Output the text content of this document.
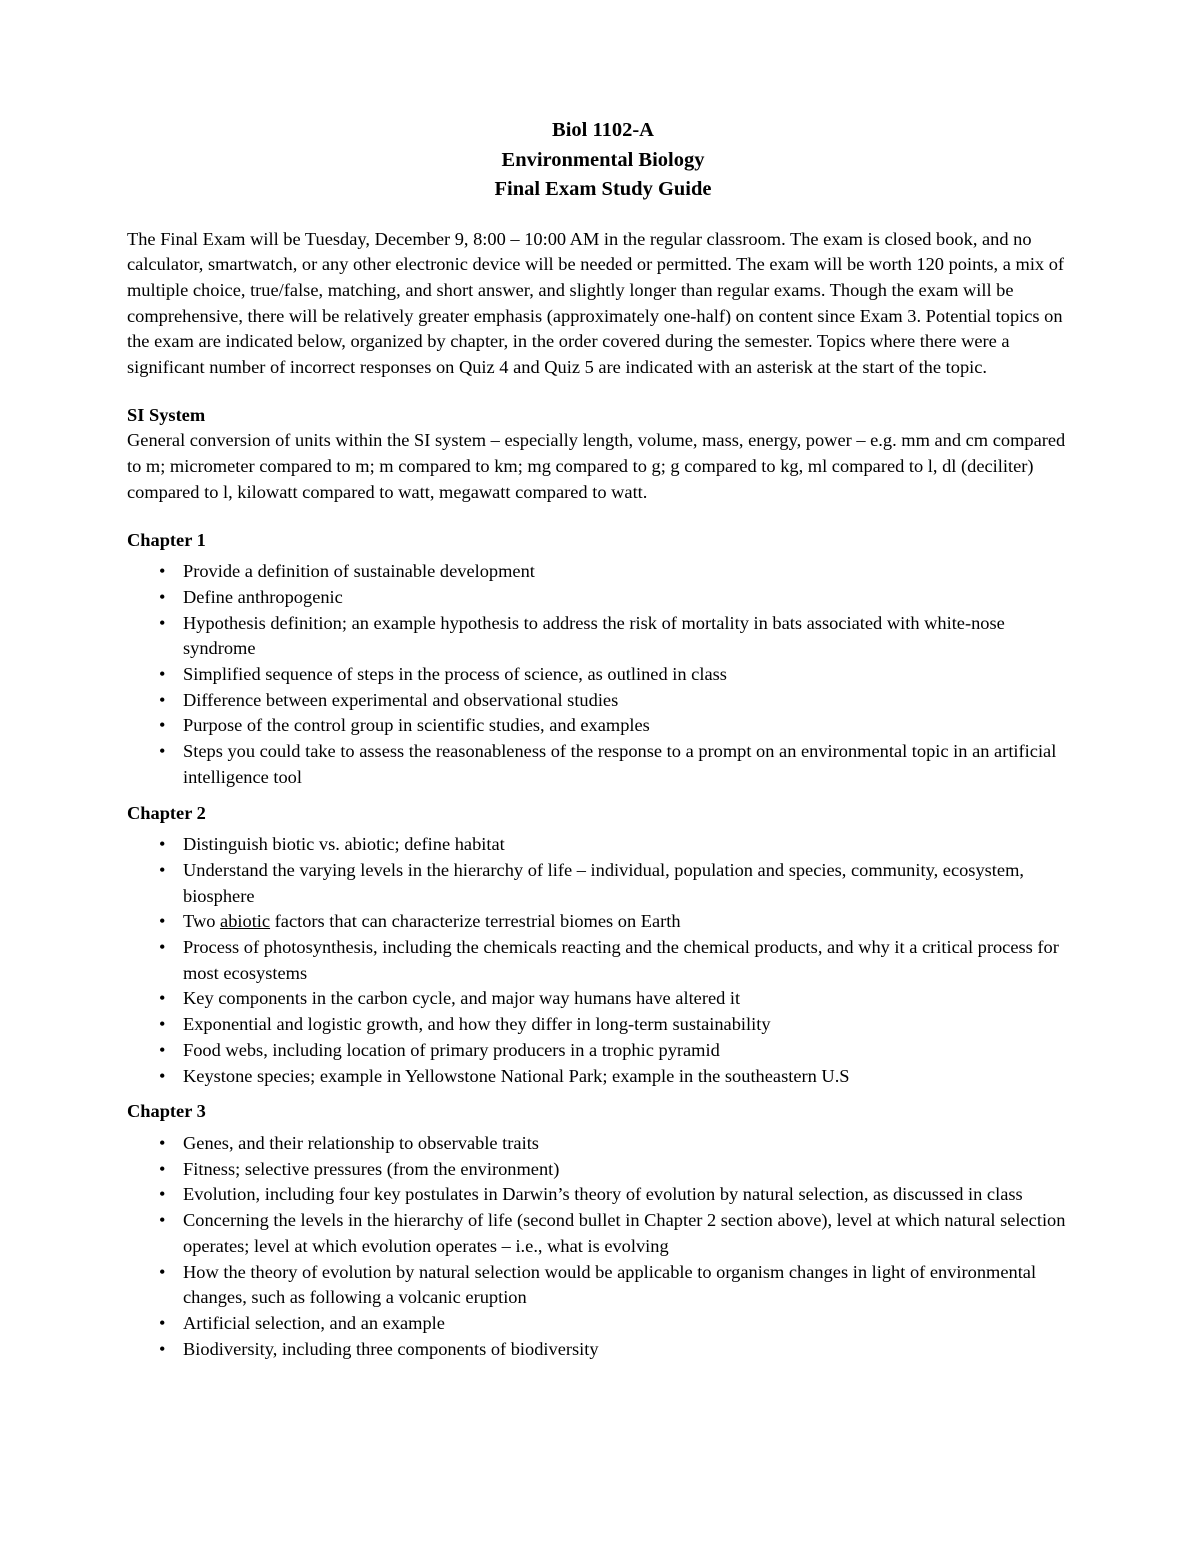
Biol 1102-A
Environmental Biology
Final Exam Study Guide

The Final Exam will be Tuesday, December 9, 8:00 – 10:00 AM in the regular classroom. The exam is closed book, and no calculator, smartwatch, or any other electronic device will be needed or permitted. The exam will be worth 120 points, a mix of multiple choice, true/false, matching, and short answer, and slightly longer than regular exams. Though the exam will be comprehensive, there will be relatively greater emphasis (approximately one-half) on content since Exam 3. Potential topics on the exam are indicated below, organized by chapter, in the order covered during the semester. Topics where there were a significant number of incorrect responses on Quiz 4 and Quiz 5 are indicated with an asterisk at the start of the topic.

SI System
General conversion of units within the SI system – especially length, volume, mass, energy, power – e.g. mm and cm compared to m; micrometer compared to m; m compared to km; mg compared to g; g compared to kg, ml compared to l, dl (deciliter) compared to l, kilowatt compared to watt, megawatt compared to watt.
Chapter 1
• Provide a definition of sustainable development
• Define anthropogenic
• Hypothesis definition; an example hypothesis to address the risk of mortality in bats associated with white-nose syndrome
• Simplified sequence of steps in the process of science, as outlined in class
• Difference between experimental and observational studies
• Purpose of the control group in scientific studies, and examples
• Steps you could take to assess the reasonableness of the response to a prompt on an environmental topic in an artificial intelligence tool
Chapter 2
• Distinguish biotic vs. abiotic; define habitat
• Understand the varying levels in the hierarchy of life – individual, population and species, community, ecosystem, biosphere
• Two abiotic factors that can characterize terrestrial biomes on Earth
• Process of photosynthesis, including the chemicals reacting and the chemical products, and why it a critical process for most ecosystems
• Key components in the carbon cycle, and major way humans have altered it
• Exponential and logistic growth, and how they differ in long-term sustainability
• Food webs, including location of primary producers in a trophic pyramid
• Keystone species; example in Yellowstone National Park; example in the southeastern U.S
Chapter 3
• Genes, and their relationship to observable traits
• Fitness; selective pressures (from the environment)
• Evolution, including four key postulates in Darwin’s theory of evolution by natural selection, as discussed in class
• Concerning the levels in the hierarchy of life (second bullet in Chapter 2 section above), level at which natural selection operates; level at which evolution operates – i.e., what is evolving
• How the theory of evolution by natural selection would be applicable to organism changes in light of environmental changes, such as following a volcanic eruption
• Artificial selection, and an example
• Biodiversity, including three components of biodiversity
